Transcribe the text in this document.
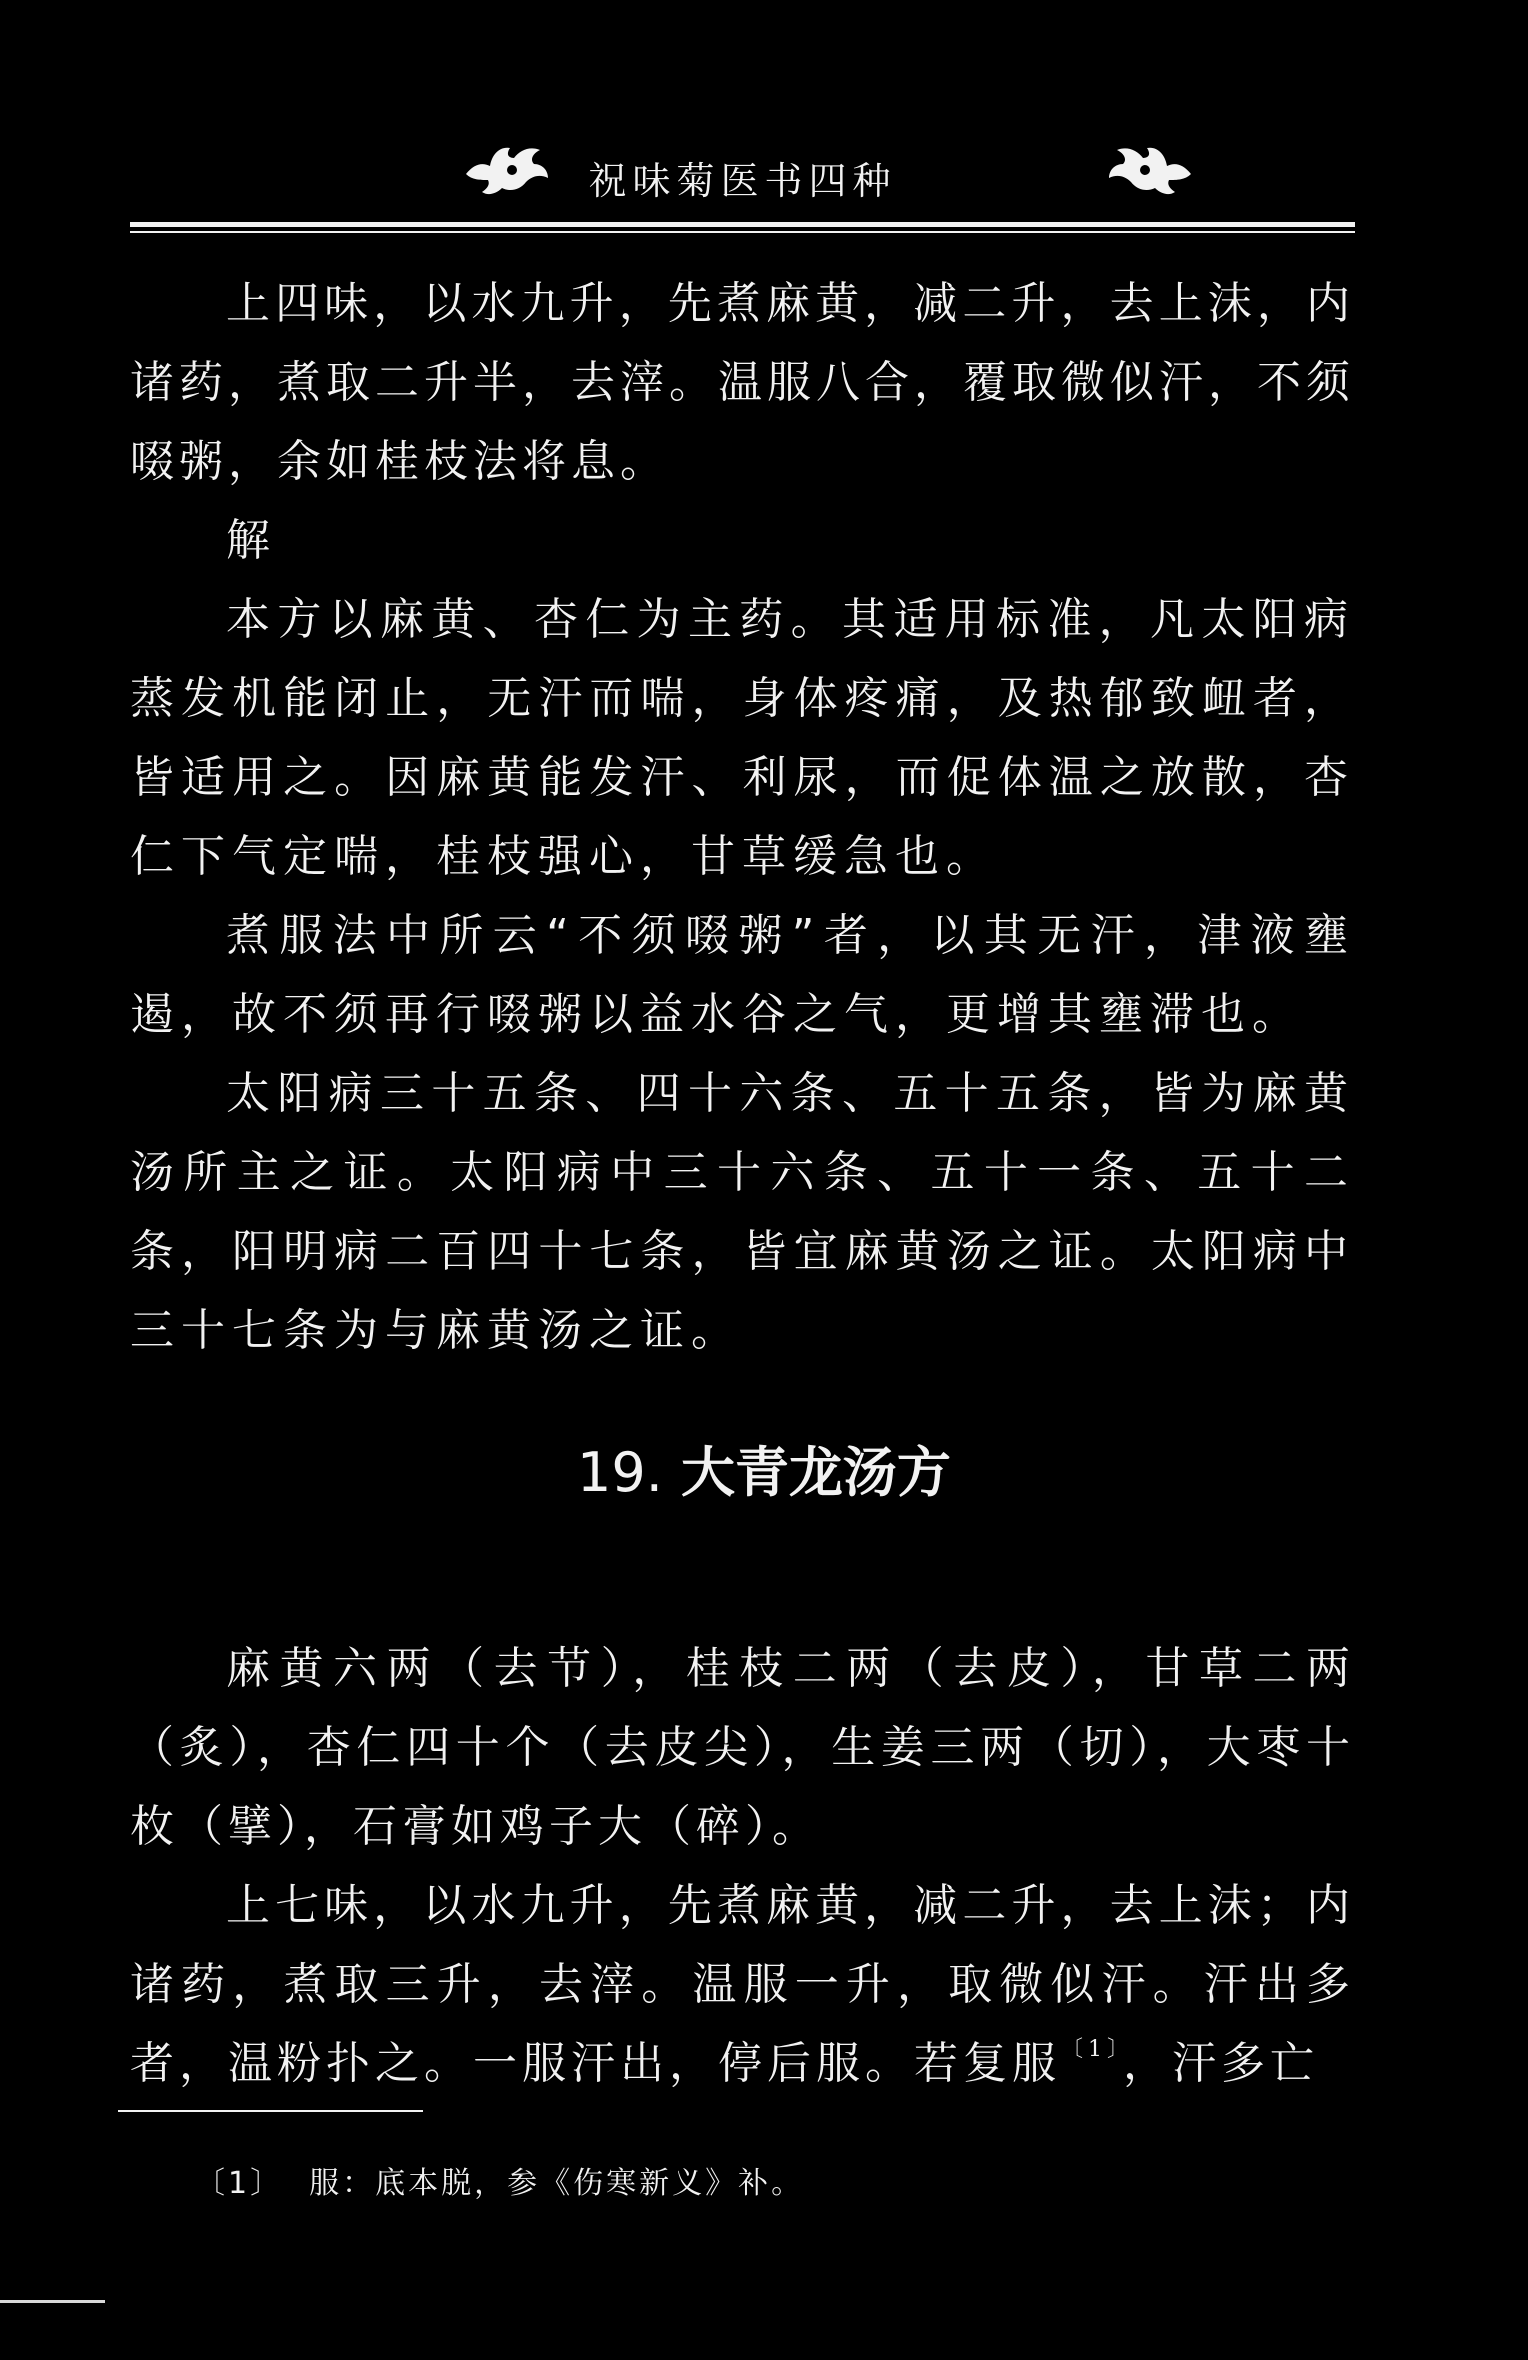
祝味菊医书四种

上四味，以水九升，先煮麻黄，减二升，去上沫，内诸药，煮取二升半，去滓。温服八合，覆取微似汗，不须啜粥，余如桂枝法将息。

解

本方以麻黄、杏仁为主药。其适用标准，凡太阳病蒸发机能闭止，无汗而喘，身体疼痛，及热郁致衄者，皆适用之。因麻黄能发汗、利尿，而促体温之放散，杏仁下气定喘，桂枝强心，甘草缓急也。

煮服法中所云“不须啜粥”者，以其无汗，津液壅遏，故不须再行啜粥以益水谷之气，更增其壅滞也。

太阳病三十五条、四十六条、五十五条，皆为麻黄汤所主之证。太阳病中三十六条、五十一条、五十二条，阳明病二百四十七条，皆宜麻黄汤之证。太阳病中三十七条为与麻黄汤之证。

19. 大青龙汤方

麻黄六两（去节），桂枝二两（去皮），甘草二两（炙），杏仁四十个（去皮尖），生姜三两（切），大枣十枚（擘），石膏如鸡子大（碎）。

上七味，以水九升，先煮麻黄，减二升，去上沫；内诸药，煮取三升，去滓。温服一升，取微似汗。汗出多者，温粉扑之。一服汗出，停后服。若复服$^{〔1〕}$，汗多亡

〔1〕 服：底本脱，参《伤寒新义》补。
